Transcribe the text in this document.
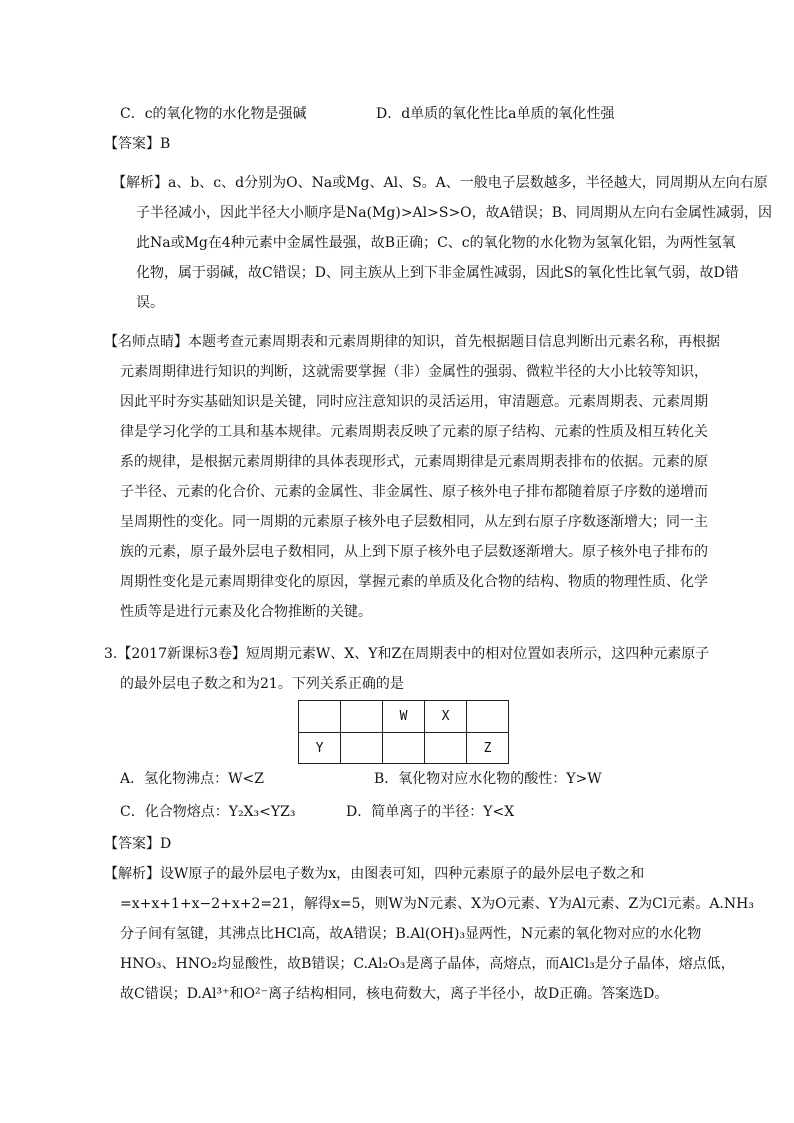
C．c的氧化物的水化物是强碱	D．d单质的氧化性比a单质的氧化性强
【答案】B
【解析】a、b、c、d分别为O、Na或Mg、Al、S。A、一般电子层数越多，半径越大，同周期从左向右原
子半径减小，因此半径大小顺序是Na(Mg)>Al>S>O，故A错误；B、同周期从左向右金属性减弱，因
此Na或Mg在4种元素中金属性最强，故B正确；C、c的氧化物的水化物为氢氧化铝，为两性氢氧
化物，属于弱碱，故C错误；D、同主族从上到下非金属性减弱，因此S的氧化性比氧气弱，故D错
误。
【名师点睛】本题考查元素周期表和元素周期律的知识，首先根据题目信息判断出元素名称，再根据
元素周期律进行知识的判断，这就需要掌握（非）金属性的强弱、微粒半径的大小比较等知识，
因此平时夯实基础知识是关键，同时应注意知识的灵活运用，审清题意。元素周期表、元素周期
律是学习化学的工具和基本规律。元素周期表反映了元素的原子结构、元素的性质及相互转化关
系的规律，是根据元素周期律的具体表现形式，元素周期律是元素周期表排布的依据。元素的原
子半径、元素的化合价、元素的金属性、非金属性、原子核外电子排布都随着原子序数的递增而
呈周期性的变化。同一周期的元素原子核外电子层数相同，从左到右原子序数逐渐增大；同一主
族的元素，原子最外层电子数相同，从上到下原子核外电子层数逐渐增大。原子核外电子排布的
周期性变化是元素周期律变化的原因，掌握元素的单质及化合物的结构、物质的物理性质、化学
性质等是进行元素及化合物推断的关键。
3.【2017新课标3卷】短周期元素W、X、Y和Z在周期表中的相对位置如表所示，这四种元素原子
的最外层电子数之和为21。下列关系正确的是
		W	X	
Y				Z
A．氢化物沸点：W<Z	B．氧化物对应水化物的酸性：Y>W
C．化合物熔点：Y₂X₃<YZ₃	D．简单离子的半径：Y<X
【答案】D
【解析】设W原子的最外层电子数为x，由图表可知，四种元素原子的最外层电子数之和
=x+x+1+x−2+x+2=21，解得x=5，则W为N元素、X为O元素、Y为Al元素、Z为Cl元素。A.NH₃
分子间有氢键，其沸点比HCl高，故A错误；B.Al(OH)₃显两性，N元素的氧化物对应的水化物
HNO₃、HNO₂均显酸性，故B错误；C.Al₂O₃是离子晶体，高熔点，而AlCl₃是分子晶体，熔点低，
故C错误；D.Al³⁺和O²⁻离子结构相同，核电荷数大，离子半径小，故D正确。答案选D。
